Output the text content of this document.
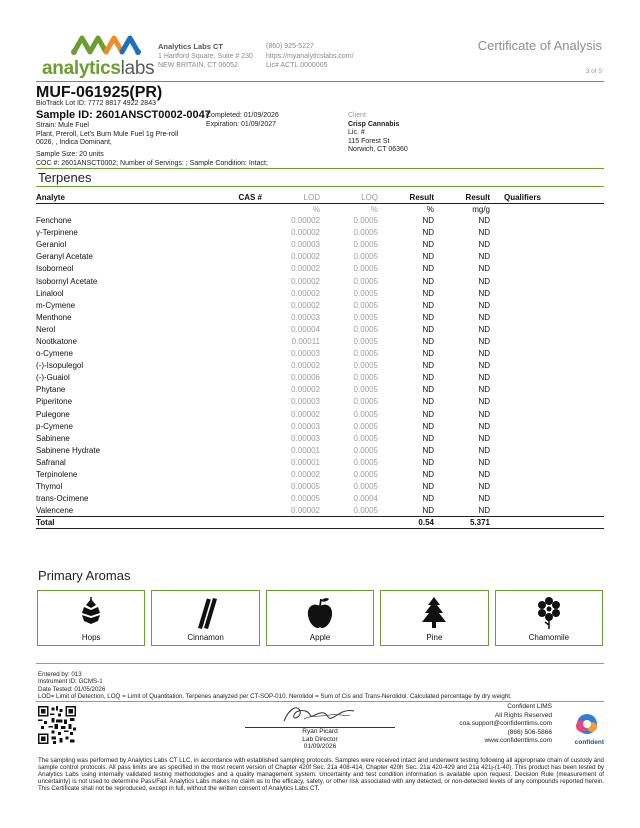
analyticslabs
Analytics Labs CT
1 Hartford Square, Suite # 230
NEW BRITAIN, CT 06052
(860) 925-5227
https://myanalyticslabs.com/
Lic# ACTL.0000005
Certificate of Analysis
3 of 5
MUF-061925(PR)
BioTrack Lot ID: 7772 8817 4922 2843
Sample ID: 2601ANSCT0002-0047
Strain: Mule Fuel
Plant, Preroll, Let's Burn Mule Fuel 1g Pre-roll
0026, , Indica Dominant,
Completed: 01/09/2026
Expiration: 01/09/2027
Client
Crisp Cannabis
Lic. #
115 Forest St
Norwich, CT 06360
Sample Size: 20 units
COC #: 2601ANSCT0002; Number of Servings: ; Sample Condition: Intact;
Terpenes
Analyte	CAS #	LOD	LOQ	Result	Result	Qualifiers
		%	%	%	mg/g	
Fenchone		0.00002	0.0005	ND	ND	
γ-Terpinene		0.00002	0.0005	ND	ND	
Geraniol		0.00003	0.0005	ND	ND	
Geranyl Acetate		0.00002	0.0005	ND	ND	
Isoborneol		0.00002	0.0005	ND	ND	
Isobornyl Acetate		0.00002	0.0005	ND	ND	
Linalool		0.00002	0.0005	ND	ND	
m-Cymene		0.00002	0.0005	ND	ND	
Menthone		0.00003	0.0005	ND	ND	
Nerol		0.00004	0.0005	ND	ND	
Nootkatone		0.00011	0.0005	ND	ND	
o-Cymene		0.00003	0.0005	ND	ND	
(-)-Isopulegol		0.00002	0.0005	ND	ND	
(-)-Guaiol		0.00006	0.0005	ND	ND	
Phytane		0.00002	0.0005	ND	ND	
Piperitone		0.00003	0.0005	ND	ND	
Pulegone		0.00002	0.0005	ND	ND	
p-Cymene		0.00003	0.0005	ND	ND	
Sabinene		0.00003	0.0005	ND	ND	
Sabinene Hydrate		0.00001	0.0005	ND	ND	
Safranal		0.00001	0.0005	ND	ND	
Terpinolene		0.00002	0.0005	ND	ND	
Thymol		0.00005	0.0005	ND	ND	
trans-Ocimene		0.00005	0.0004	ND	ND	
Valencene		0.00002	0.0005	ND	ND	
Total				0.54	5.371	
Primary Aromas
Hops	Cinnamon	Apple	Pine	Chamomile
Entered by: 013
Instrument ID: GCMS-1
Date Tested: 01/05/2026
LOD= Limit of Detection, LOQ = Limit of Quantitation. Terpenes analyzed per CT-SOP-010. Nerolidol = Sum of Cis and Trans-Nerolidol. Calculated percentage by dry weight.
Ryan Picard
Lab Director
01/09/2026
Confident LIMS
All Rights Reserved
coa.support@confidentlims.com
(866) 506-5866
www.confidentlims.com	confident
The sampling was performed by Analytics Labs CT LLC, in accordance with established sampling protocols. Samples were received intact and underwent testing following all appropriate chain of custody and sample control protocols. All pass limits are as specified in the most recent version of Chapter 420f Sec. 21a 408-414, Chapter 420h Sec. 21a 420-429 and 21a 421j-(1-40). This product has been tested by Analytics Labs using internally validated testing methodologies and a quality management system. Uncertainty and test condition information is available upon request. Decision Rule (measurement of uncertainty) is not used to determine Pass/Fail. Analytics Labs makes no claim as to the efficacy, safety, or other risk associated with any detected, or non-detected levels of any compounds reported herein. This Certificate shall not be reproduced, except in full, without the written consent of Analytics Labs CT.
